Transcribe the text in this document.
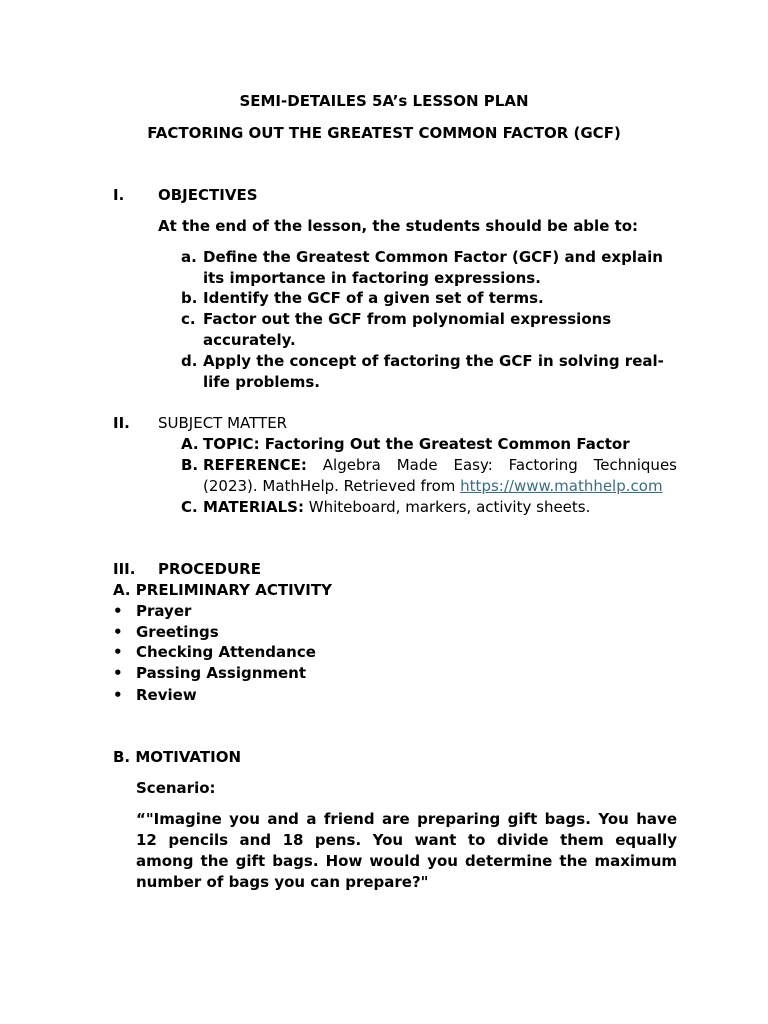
SEMI-DETAILES 5A’s LESSON PLAN
FACTORING OUT THE GREATEST COMMON FACTOR (GCF)
I. OBJECTIVES
At the end of the lesson, the students should be able to:
a. Define the Greatest Common Factor (GCF) and explain
its importance in factoring expressions.
b. Identify the GCF of a given set of terms.
c. Factor out the GCF from polynomial expressions
accurately.
d. Apply the concept of factoring the GCF in solving real-
life problems.
II. SUBJECT MATTER
A. TOPIC: Factoring Out the Greatest Common Factor
B. REFERENCE: Algebra Made Easy: Factoring Techniques
(2023). MathHelp. Retrieved from https://www.mathhelp.com
C. MATERIALS: Whiteboard, markers, activity sheets.
III. PROCEDURE
A. PRELIMINARY ACTIVITY
• Prayer
• Greetings
• Checking Attendance
• Passing Assignment
• Review
B. MOTIVATION
Scenario:
“"Imagine you and a friend are preparing gift bags. You have
12 pencils and 18 pens. You want to divide them equally
among the gift bags. How would you determine the maximum
number of bags you can prepare?"
